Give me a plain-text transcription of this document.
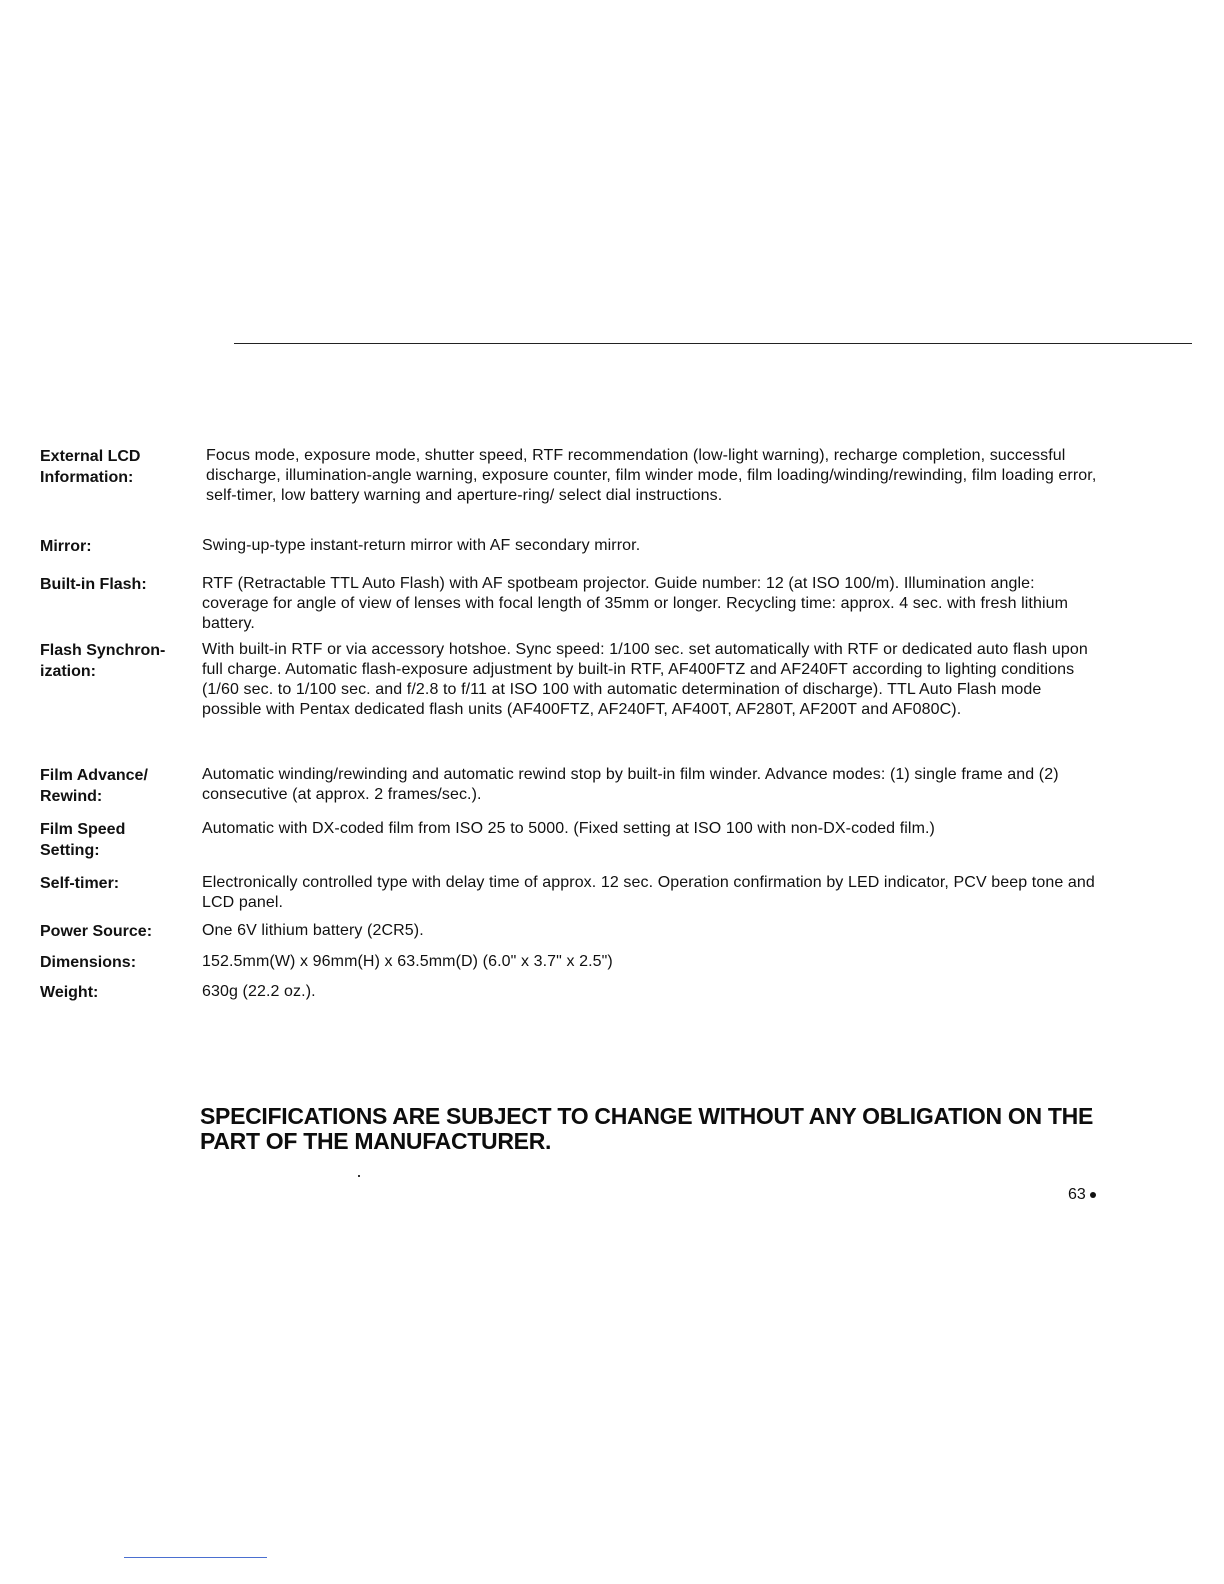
External LCD
Information:
Focus mode, exposure mode, shutter speed, RTF recommendation (low-light warning), recharge completion, successful discharge, illumination-angle warning, exposure counter, film winder mode, film loading/winding/rewinding, film loading error, self-timer, low battery warning and aperture-ring/ select dial instructions.
Mirror:	Swing-up-type instant-return mirror with AF secondary mirror.
Built-in Flash:	RTF (Retractable TTL Auto Flash) with AF spotbeam projector. Guide number: 12 (at ISO 100/m). Illumination angle: coverage for angle of view of lenses with focal length of 35mm or longer. Recycling time: approx. 4 sec. with fresh lithium battery.
Flash Synchron-
ization:
With built-in RTF or via accessory hotshoe. Sync speed: 1/100 sec. set automatically with RTF or dedicated auto flash upon full charge. Automatic flash-exposure adjustment by built-in RTF, AF400FTZ and AF240FT according to lighting conditions (1/60 sec. to 1/100 sec. and f/2.8 to f/11 at ISO 100 with automatic determination of discharge). TTL Auto Flash mode possible with Pentax dedicated flash units (AF400FTZ, AF240FT, AF400T, AF280T, AF200T and AF080C).
Film Advance/
Rewind:
Automatic winding/rewinding and automatic rewind stop by built-in film winder. Advance modes: (1) single frame and (2) consecutive (at approx. 2 frames/sec.).
Film Speed
Setting:
Automatic with DX-coded film from ISO 25 to 5000. (Fixed setting at ISO 100 with non-DX-coded film.)
Self-timer:	Electronically controlled type with delay time of approx. 12 sec. Operation confirmation by LED indicator, PCV beep tone and LCD panel.
Power Source:	One 6V lithium battery (2CR5).
Dimensions:	152.5mm(W) x 96mm(H) x 63.5mm(D) (6.0" x 3.7" x 2.5")
Weight:	630g (22.2 oz.).
SPECIFICATIONS ARE SUBJECT TO CHANGE WITHOUT ANY OBLIGATION ON THE PART OF THE MANUFACTURER.
63
